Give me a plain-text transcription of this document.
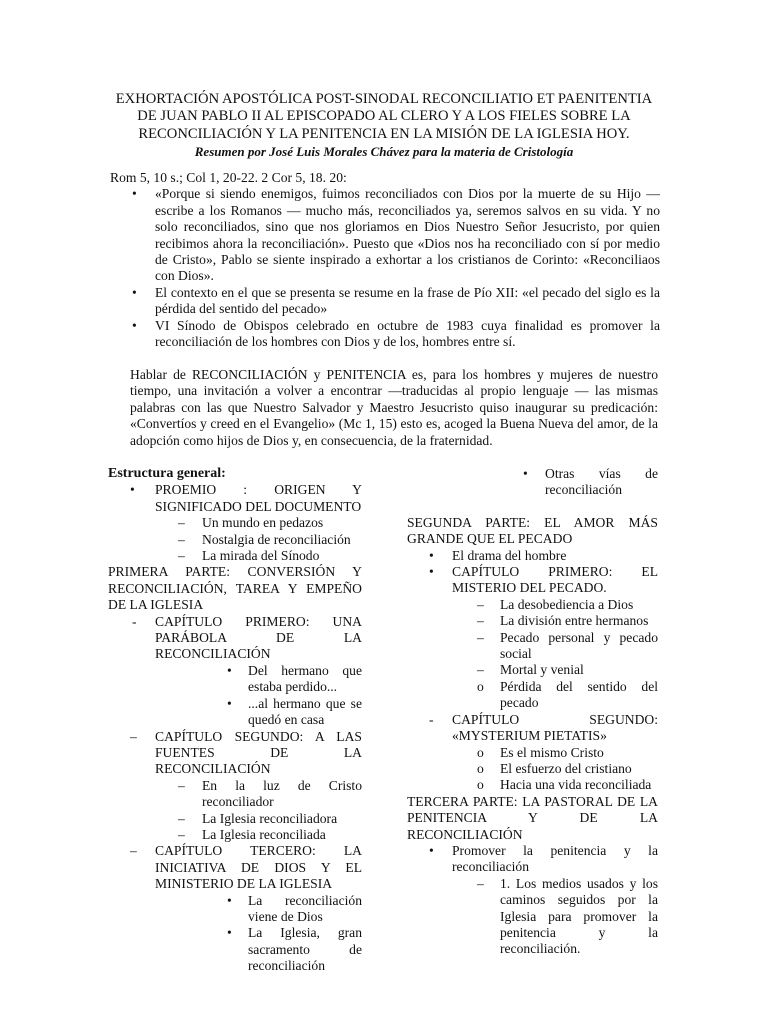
EXHORTACIÓN APOSTÓLICA POST-SINODAL RECONCILIATIO ET PAENITENTIA
DE JUAN PABLO II AL EPISCOPADO AL CLERO Y A LOS FIELES SOBRE LA
RECONCILIACIÓN Y LA PENITENCIA EN LA MISIÓN DE LA IGLESIA HOY.
Resumen por José Luis Morales Chávez para la materia de Cristología
Rom 5, 10 s.; Col 1, 20-22. 2 Cor 5, 18. 20:
• «Porque si siendo enemigos, fuimos reconciliados con Dios por la muerte de su Hijo — escribe a los Romanos — mucho más, reconciliados ya, seremos salvos en su vida. Y no solo reconciliados, sino que nos gloriamos en Dios Nuestro Señor Jesucristo, por quien recibimos ahora la reconciliación». Puesto que «Dios nos ha reconciliado con sí por medio de Cristo», Pablo se siente inspirado a exhortar a los cristianos de Corinto: «Reconciliaos con Dios».
• El contexto en el que se presenta se resume en la frase de Pío XII: «el pecado del siglo es la pérdida del sentido del pecado»
• VI Sínodo de Obispos celebrado en octubre de 1983 cuya finalidad es promover la reconciliación de los hombres con Dios y de los, hombres entre sí.
Hablar de RECONCILIACIÓN y PENITENCIA es, para los hombres y mujeres de nuestro tiempo, una invitación a volver a encontrar —traducidas al propio lenguaje — las mismas palabras con las que Nuestro Salvador y Maestro Jesucristo quiso inaugurar su predicación: «Convertíos y creed en el Evangelio» (Mc 1, 15) esto es, acoged la Buena Nueva del amor, de la adopción como hijos de Dios y, en consecuencia, de la fraternidad.
Estructura general:
• PROEMIO : ORIGEN Y SIGNIFICADO DEL DOCUMENTO
– Un mundo en pedazos
– Nostalgia de reconciliación
– La mirada del Sínodo
PRIMERA PARTE: CONVERSIÓN Y RECONCILIACIÓN, TAREA Y EMPEÑO DE LA IGLESIA
- CAPÍTULO PRIMERO: UNA PARÁBOLA DE LA RECONCILIACIÓN
• Del hermano que estaba perdido...
• ...al hermano que se quedó en casa
– CAPÍTULO SEGUNDO: A LAS FUENTES DE LA RECONCILIACIÓN
– En la luz de Cristo reconciliador
– La Iglesia reconciliadora
– La Iglesia reconciliada
– CAPÍTULO TERCERO: LA INICIATIVA DE DIOS Y EL MINISTERIO DE LA IGLESIA
• La reconciliación viene de Dios
• La Iglesia, gran sacramento de reconciliación
• Otras vías de reconciliación
SEGUNDA PARTE: EL AMOR MÁS GRANDE QUE EL PECADO
• El drama del hombre
• CAPÍTULO PRIMERO: EL MISTERIO DEL PECADO.
– La desobediencia a Dios
– La división entre hermanos
– Pecado personal y pecado social
– Mortal y venial
o Pérdida del sentido del pecado
- CAPÍTULO SEGUNDO: «MYSTERIUM PIETATIS»
o Es el mismo Cristo
o El esfuerzo del cristiano
o Hacia una vida reconciliada
TERCERA PARTE: LA PASTORAL DE LA PENITENCIA Y DE LA RECONCILIACIÓN
• Promover la penitencia y la reconciliación
– 1. Los medios usados y los caminos seguidos por la Iglesia para promover la penitencia y la reconciliación.
